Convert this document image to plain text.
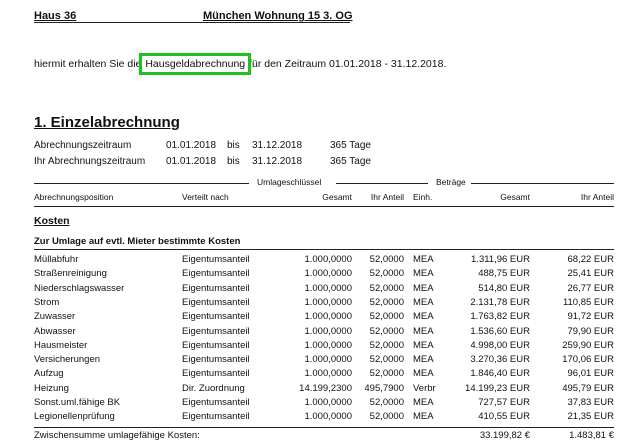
Haus 36	München Wohnung 15 3. OG
hiermit erhalten Sie die Hausgeldabrechnung für den Zeitraum 01.01.2018 - 31.12.2018.
1. Einzelabrechnung
Abrechnungszeitraum	01.01.2018 bis 31.12.2018	365 Tage
Ihr Abrechnungszeitraum 01.01.2018 bis 31.12.2018	365 Tage
Umlageschlüssel	Beträge
Abrechnungsposition	Verteilt nach	Gesamt Ihr Anteil Einh.	Gesamt	Ihr Anteil
Kosten
Zur Umlage auf evtl. Mieter bestimmte Kosten
Müllabfuhr	Eigentumsanteil	1.000,0000 52,0000 MEA	1.311,96 EUR	68,22 EUR
Straßenreinigung	Eigentumsanteil	1.000,0000 52,0000 MEA	488,75 EUR	25,41 EUR
Niederschlagswasser	Eigentumsanteil	1.000,0000 52,0000 MEA	514,80 EUR	26,77 EUR
Strom	Eigentumsanteil	1.000,0000 52,0000 MEA	2.131,78 EUR	110,85 EUR
Zuwasser	Eigentumsanteil	1.000,0000 52,0000 MEA	1.763,82 EUR	91,72 EUR
Abwasser	Eigentumsanteil	1.000,0000 52,0000 MEA	1.536,60 EUR	79,90 EUR
Hausmeister	Eigentumsanteil	1.000,0000 52,0000 MEA	4.998,00 EUR	259,90 EUR
Versicherungen	Eigentumsanteil	1.000,0000 52,0000 MEA	3.270,36 EUR	170,06 EUR
Aufzug	Eigentumsanteil	1.000,0000 52,0000 MEA	1.846,40 EUR	96,01 EUR
Heizung	Dir. Zuordnung	14.199,2300 495,7900 Verbr	14.199,23 EUR	495,79 EUR
Sonst.uml.fähige BK	Eigentumsanteil	1.000,0000 52,0000 MEA	727,57 EUR	37,83 EUR
Legionellenprüfung	Eigentumsanteil	1.000,0000 52,0000 MEA	410,55 EUR	21,35 EUR
Zwischensumme umlagefähige Kosten:	33.199,82 €	1.483,81 €
